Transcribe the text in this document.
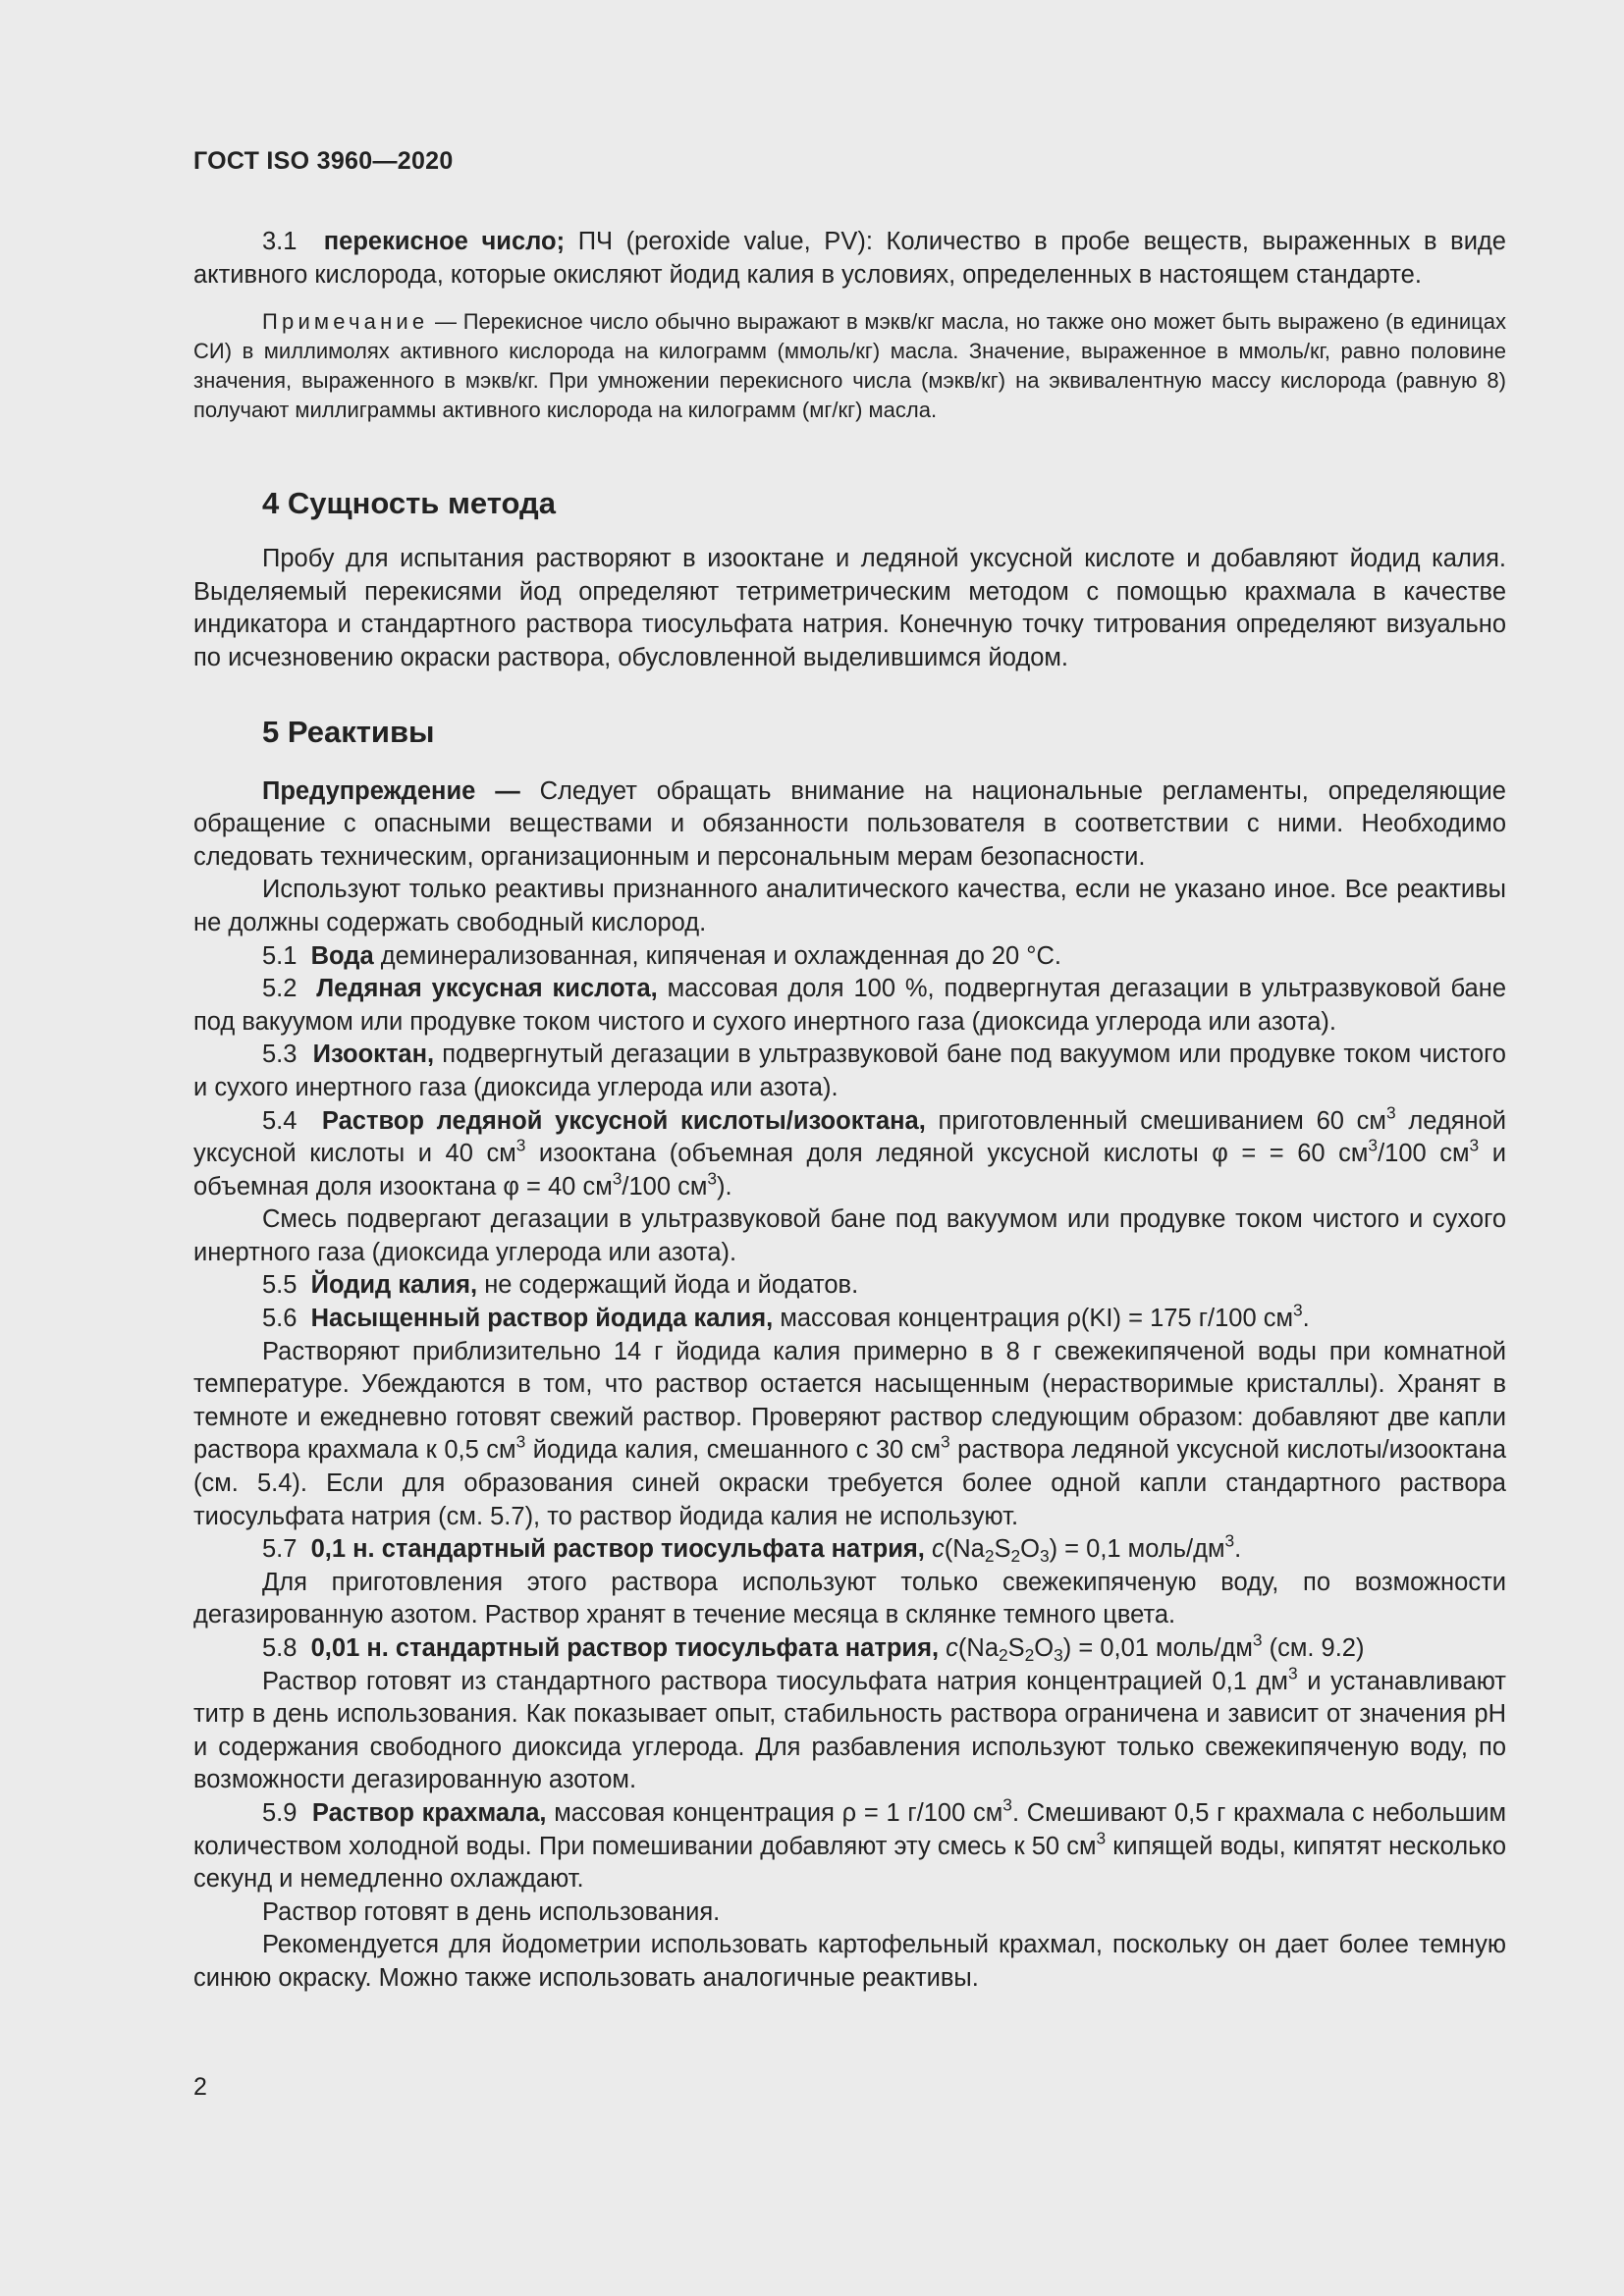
ГОСТ ISO 3960—2020

3.1 перекисное число; ПЧ (peroxide value, PV): Количество в пробе веществ, выраженных в виде активного кислорода, которые окисляют йодид калия в условиях, определенных в настоящем стандарте.

Примечание — Перекисное число обычно выражают в мэкв/кг масла, но также оно может быть выражено (в единицах СИ) в миллимолях активного кислорода на килограмм (ммоль/кг) масла. Значение, выраженное в ммоль/кг, равно половине значения, выраженного в мэкв/кг. При умножении перекисного числа (мэкв/кг) на эквивалентную массу кислорода (равную 8) получают миллиграммы активного кислорода на килограмм (мг/кг) масла.

4 Сущность метода

Пробу для испытания растворяют в изооктане и ледяной уксусной кислоте и добавляют йодид калия. Выделяемый перекисями йод определяют тетриметрическим методом с помощью крахмала в качестве индикатора и стандартного раствора тиосульфата натрия. Конечную точку титрования определяют визуально по исчезновению окраски раствора, обусловленной выделившимся йодом.

5 Реактивы

Предупреждение — Следует обращать внимание на национальные регламенты, определяющие обращение с опасными веществами и обязанности пользователя в соответствии с ними. Необходимо следовать техническим, организационным и персональным мерам безопасности.

Используют только реактивы признанного аналитического качества, если не указано иное. Все реактивы не должны содержать свободный кислород.

5.1 Вода деминерализованная, кипяченая и охлажденная до 20 °С.

5.2 Ледяная уксусная кислота, массовая доля 100 %, подвергнутая дегазации в ультразвуковой бане под вакуумом или продувке током чистого и сухого инертного газа (диоксида углерода или азота).

5.3 Изооктан, подвергнутый дегазации в ультразвуковой бане под вакуумом или продувке током чистого и сухого инертного газа (диоксида углерода или азота).

5.4 Раствор ледяной уксусной кислоты/изооктана, приготовленный смешиванием 60 $см^3$ ледяной уксусной кислоты и 40 $см^3$ изооктана (объемная доля ледяной уксусной кислоты φ = = 60 $см^3/100$ $см^3$ и объемная доля изооктана φ = 40 $см^3/100$ $см^3$).

Смесь подвергают дегазации в ультразвуковой бане под вакуумом или продувке током чистого и сухого инертного газа (диоксида углерода или азота).

5.5 Йодид калия, не содержащий йода и йодатов.

5.6 Насыщенный раствор йодида калия, массовая концентрация ρ(KI) = 175 г/100 $см^3$.

Растворяют приблизительно 14 г йодида калия примерно в 8 г свежекипяченой воды при комнатной температуре. Убеждаются в том, что раствор остается насыщенным (нерастворимые кристаллы). Хранят в темноте и ежедневно готовят свежий раствор. Проверяют раствор следующим образом: добавляют две капли раствора крахмала к 0,5 $см^3$ йодида калия, смешанного с 30 $см^3$ раствора ледяной уксусной кислоты/изооктана (см. 5.4). Если для образования синей окраски требуется более одной капли стандартного раствора тиосульфата натрия (см. 5.7), то раствор йодида калия не используют.

5.7 0,1 н. стандартный раствор тиосульфата натрия, $c(Na_2S_2O_3) = 0,1$ моль/$дм^3$.

Для приготовления этого раствора используют только свежекипяченую воду, по возможности дегазированную азотом. Раствор хранят в течение месяца в склянке темного цвета.

5.8 0,01 н. стандартный раствор тиосульфата натрия, $c(Na_2S_2O_3) = 0,01$ моль/$дм^3$ (см. 9.2)

Раствор готовят из стандартного раствора тиосульфата натрия концентрацией 0,1 $дм^3$ и устанавливают титр в день использования. Как показывает опыт, стабильность раствора ограничена и зависит от значения pH и содержания свободного диоксида углерода. Для разбавления используют только свежекипяченую воду, по возможности дегазированную азотом.

5.9 Раствор крахмала, массовая концентрация ρ = 1 г/100 $см^3$. Смешивают 0,5 г крахмала с небольшим количеством холодной воды. При помешивании добавляют эту смесь к 50 $см^3$ кипящей воды, кипятят несколько секунд и немедленно охлаждают.

Раствор готовят в день использования.

Рекомендуется для йодометрии использовать картофельный крахмал, поскольку он дает более темную синюю окраску. Можно также использовать аналогичные реактивы.

2
